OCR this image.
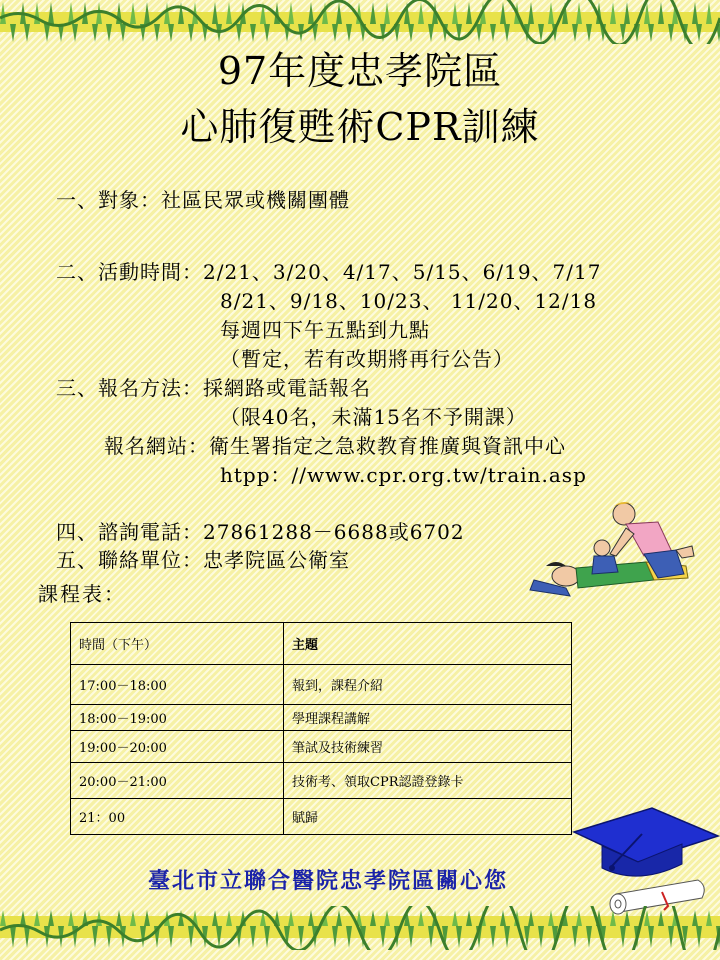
97年度忠孝院區
心肺復甦術CPR訓練
一、對象：社區民眾或機關團體
二、活動時間：2/21、3/20、4/17、5/15、6/19、7/17
8/21、9/18、10/23、 11/20、12/18
每週四下午五點到九點
（暫定，若有改期將再行公告）
三、報名方法：採網路或電話報名
（限40名，未滿15名不予開課）
報名網站：衛生署指定之急救教育推廣與資訊中心
htpp：//www.cpr.org.tw/train.asp
四、諮詢電話：27861288－6688或6702
五、聯絡單位：忠孝院區公衛室
課程表：
時間（下午）	主題
17:00－18:00	報到，課程介紹
18:00－19:00	學理課程講解
19:00－20:00	筆試及技術練習
20:00－21:00	技術考、領取CPR認證登錄卡
21：00	賦歸
臺北市立聯合醫院忠孝院區關心您
